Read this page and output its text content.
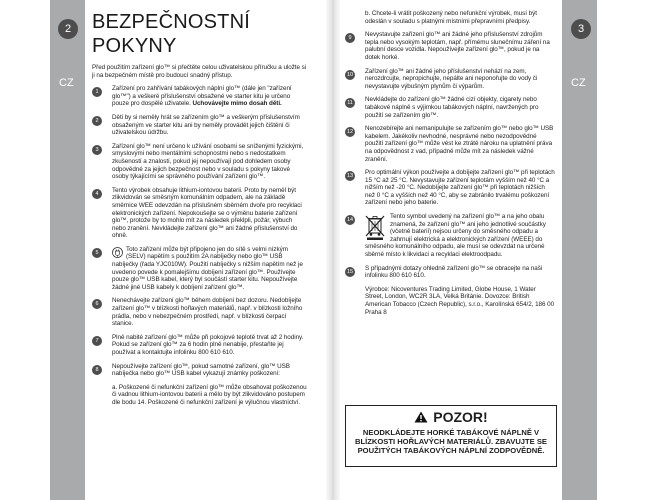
2
CZ
BEZPEČNOSTNÍ POKYNY

Před použitím zařízení glo™ si přečtěte celou uživatelskou příručku a uložte si ji na bezpečném místě pro budoucí snadný přístup.

1	Zařízení pro zahřívání tabákových náplní glo™ (dále jen "zařízení glo™") a veškeré příslušenství obsažené ve starter kitu je určeno pouze pro dospělé uživatele. Uchovávejte mimo dosah dětí.
2	Děti by si neměly hrát se zařízením glo™ a veškerým příslušenstvím obsaženým ve starter kitu ani by neměly provádět jejich čištění či uživatelskou údržbu.
3	Zařízení glo™ není určeno k užívání osobami se sníženými fyzickými, smyslovými nebo mentálními schopnostmi nebo s nedostatkem zkušeností a znalostí, pokud jej nepoužívají pod dohledem osoby odpovědné za jejich bezpečnost nebo v souladu s pokyny takové osoby týkajícími se správného používání zařízení glo™.
4	Tento výrobek obsahuje lithium-iontovou baterii. Proto by neměl být zlikvidován se směsným komunálním odpadem, ale na základě směrnice WEE odevzdán na příslušném sběrném dvoře pro recyklaci elektronických zařízení. Nepokoušejte se o výměnu baterie zařízení glo™, protože by to mohlo mít za následek překlpli, požár, výbuch nebo zranění. Nevkládejte zařízení glo™ ani žádné příslušenství do ohně.
5	Toto zařízení může být připojeno jen do sítě s velmi nízkým (SELV) napětím s použitím 2A nabíječky nebo glo™ USB nabíječky (řada YJC010W). Použití nabíječky s nižším napětím než je uvedeno povede k pomalejšímu dobíjení zařízení glo™. Používejte pouze glo™ USB kabel, který byl součástí starter kitu. Nepoužívejte žádné jiné USB kabely k dobíjení zařízení glo™.
6	Nenechávejte zařízení glo™ během dobíjení bez dozoru. Nedobíjejte zařízení glo™ v blízkosti hořlavých materiálů, např. v blízkosti ložního prádla, nebo v nebezpečném prostředí, např. v blízkosti čerpací stanice.
7	Plně nabité zařízení glo™ může při pokojové teplotě trvat až 2 hodiny. Pokud se zařízení glo™ za 6 hodin plně nenabije, přestaňte jej používat a kontaktujte infolinku 800 610 610.
8	Nepoužívejte zařízení glo™, pokud samotné zařízení, glo™ USB nabíječka nebo glo™ USB kabel vykazují známky poškození:
a. Poškozené či nefunkční zařízení glo™ může obsahovat poškozenou či vadnou lithium-iontovou baterii a mělo by být zlikvidováno postupem dle bodu 14. Poškozené či nefunkční zařízení je výlučnou vlastnictví.

b. Chcete-li vrátit poškozený nebo nefunkční výrobek, musí být odeslán v souladu s platnými místními přepravními předpisy.

9	Nevystavujte zařízení glo™ ani žádné jeho příslušenství zdrojům tepla nebo vysokým teplotám, např. přímému slunečnímu záření na palubní desce vozidla. Nepoužívejte zařízení glo™, pokud je na dotek horké.
10	Zařízení glo™ ani žádné jeho příslušenství nehází na zem, nerozdrcujte, nepropichujte, nepálte ani neponořujte do vody či nevystavujte výbušným plynům či výparům.
11	Nevkládejte do zařízení glo™ žádné cizí objekty, cigarety nebo tabákové náplně s výjimkou tabákových náplní, navržených pro použití se zařízením glo™.
12	Nenozebírejte ani nemanipulujte se zařízením glo™ nebo glo™ USB kabelem. Jakékoliv nevhodné, nesprávné nebo nezodpovědné použití zařízení glo™ může vést ke ztrátě nároku na uplatnění práva na odpovědnost z vad, případně může mít za následek vážné zranění.
13	Pro optimální výkon používejte a dobíjejte zařízení glo™ při teplotách 15 °C až 25 °C. Nevystavujte zařízení teplotám vyšším než 40 °C a nižším než -20 °C. Nedobíjejte zařízení glo™ při teplotách nižších než 0 °C a vyšších než 40 °C, aby se zabránilo trvalému poškození zařízení nebo jeho baterie.
14	Tento symbol uvedený na zařízení glo™ a na jeho obalu znamená, že zařízení glo™ ani jeho jednotlivé součástky (včetně baterií) nejsou určeny do směsného odpadu a zahrnují elektrická a elektronických zařízení (WEEE) do směsného komunálního odpadu, ale musí se odevzdat na určené sběrné místo k likvidaci a recyklaci elektroodpadu.
15	S případnými dotazy ohledně zařízení glo™ se obracejte na naši infolinku 800 610 610.

Výrobce: Nicoventures Trading Limited, Globe House, 1 Water Street, London, WC2R 3LA, Velká Británie. Dovozce: British American Tobacco (Czech Republic), s.r.o., Karolínská 654/2, 186 00 Praha 8

POZOR!
NEODKLÁDEJTE HORKÉ TABÁKOVÉ NÁPLNĚ V BLÍZKOSTI HOŘLAVÝCH MATERIÁLŮ. ZBAVUJTE SE POUŽITÝCH TABÁKOVÝCH NÁPLNÍ ZODPOVĚDNĚ.
3
CZ
